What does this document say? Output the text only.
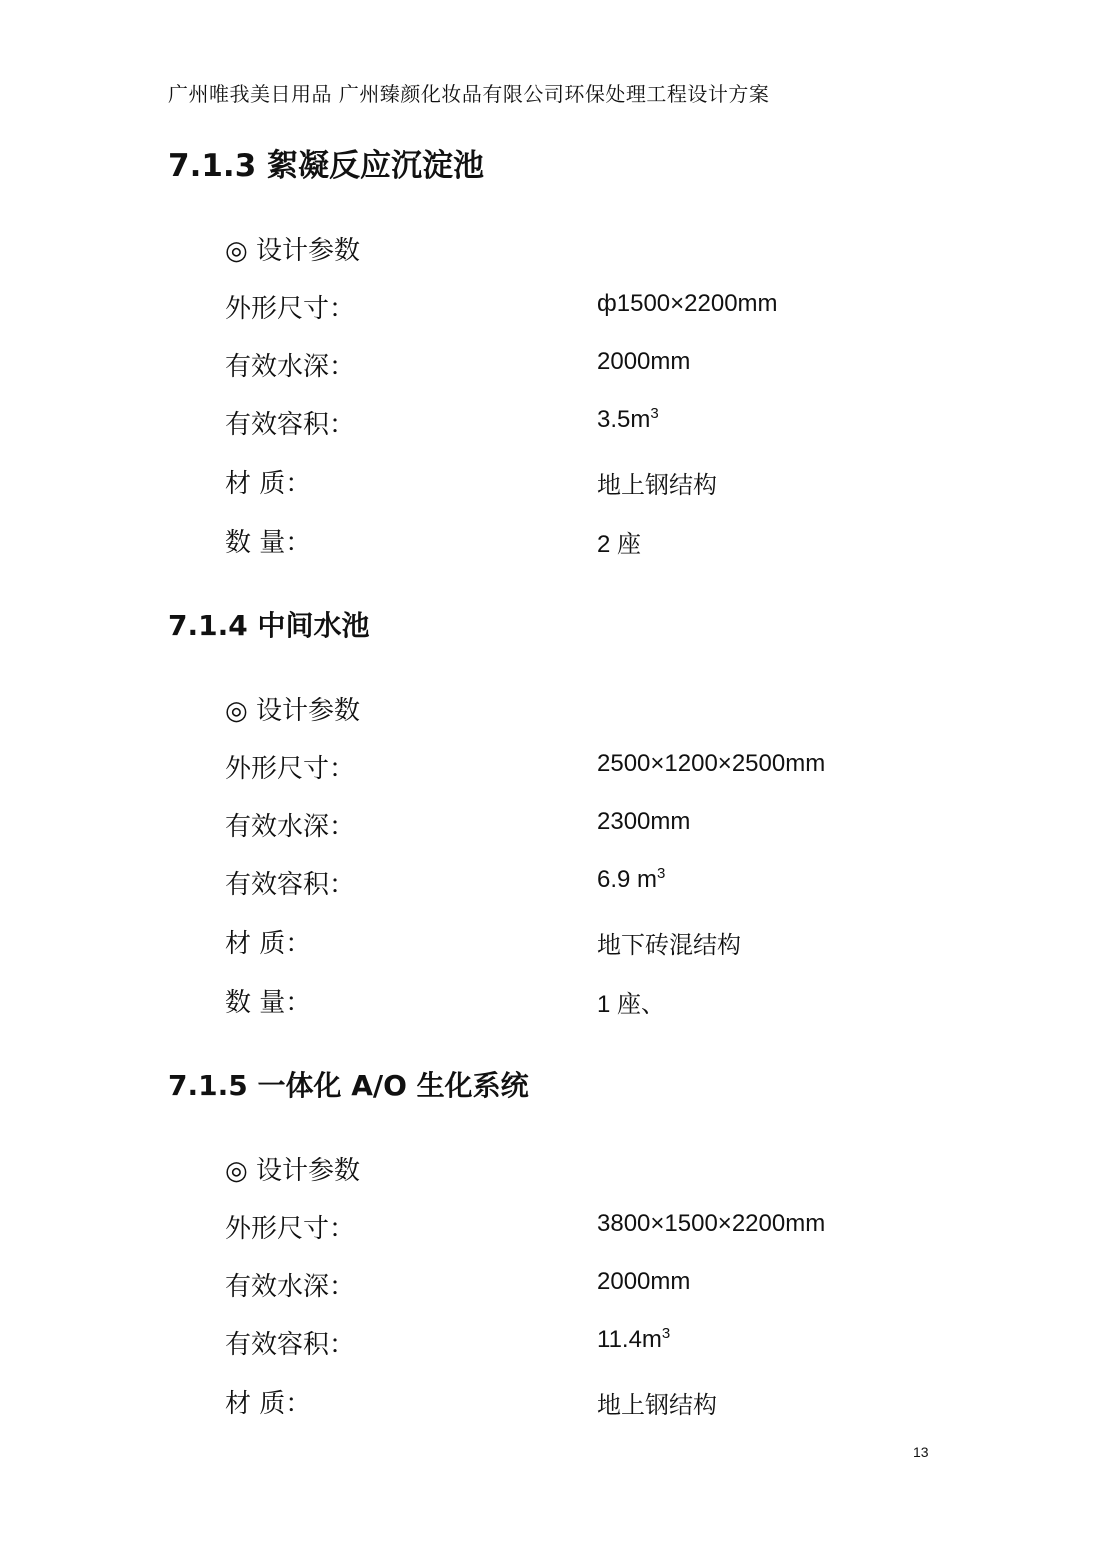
广州唯我美日用品 广州臻颜化妆品有限公司环保处理工程设计方案
7.1.3 絮凝反应沉淀池
◎ 设计参数
外形尺寸：	ф1500×2200mm
有效水深：	2000mm
有效容积：	$3.5m^3$
材 质：	地上钢结构
数 量：	2 座
7.1.4 中间水池
◎ 设计参数
外形尺寸：	2500×1200×2500mm
有效水深：	2300mm
有效容积：	6.9 $m^3$
材 质：	地下砖混结构
数 量：	1 座、
7.1.5 一体化 A/O 生化系统
◎ 设计参数
外形尺寸：	3800×1500×2200mm
有效水深：	2000mm
有效容积：	$11.4m^3$
材 质：	地上钢结构
13
